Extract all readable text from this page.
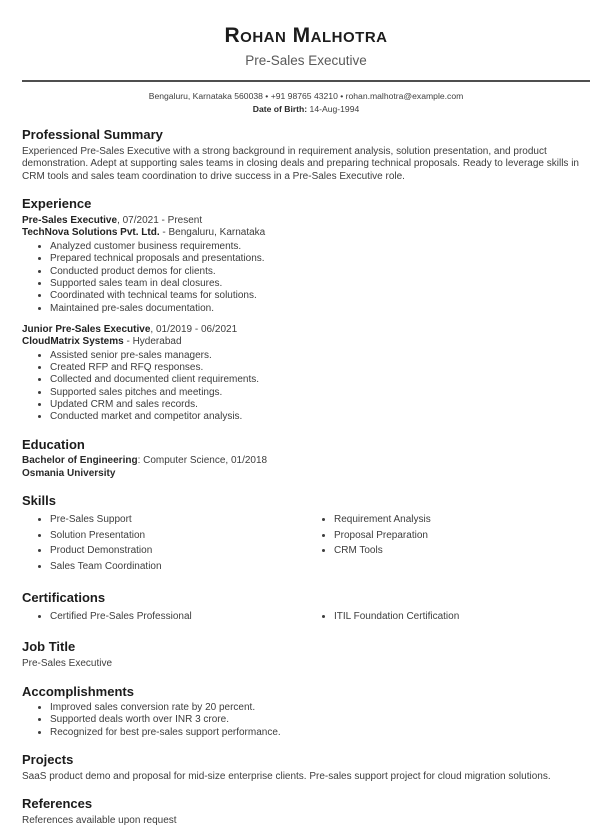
Rohan Malhotra
Pre-Sales Executive
Bengaluru, Karnataka 560038 • +91 98765 43210 • rohan.malhotra@example.com
Date of Birth: 14-Aug-1994
Professional Summary

Experienced Pre-Sales Executive with a strong background in requirement analysis, solution presentation, and product demonstration. Adept at supporting sales teams in closing deals and preparing technical proposals. Ready to leverage skills in CRM tools and sales team coordination to drive success in a Pre-Sales Executive role.

Experience

Pre-Sales Executive, 07/2021 - Present

TechNova Solutions Pvt. Ltd. - Bengaluru, Karnataka

• Analyzed customer business requirements.
• Prepared technical proposals and presentations.
• Conducted product demos for clients.
• Supported sales team in deal closures.
• Coordinated with technical teams for solutions.
• Maintained pre-sales documentation.

Junior Pre-Sales Executive, 01/2019 - 06/2021

CloudMatrix Systems - Hyderabad

• Assisted senior pre-sales managers.
• Created RFP and RFQ responses.
• Collected and documented client requirements.
• Supported sales pitches and meetings.
• Updated CRM and sales records.
• Conducted market and competitor analysis.
Education

Bachelor of Engineering: Computer Science, 01/2018

Osmania University

Skills
• Pre-Sales Support
• Solution Presentation
• Product Demonstration
• Sales Team Coordination
• Requirement Analysis
• Proposal Preparation
• CRM Tools
Certifications
• Certified Pre-Sales Professional	• ITIL Foundation Certification
Job Title

Pre-Sales Executive

Accomplishments
• Improved sales conversion rate by 20 percent.
• Supported deals worth over INR 3 crore.
• Recognized for best pre-sales support performance.
Projects

SaaS product demo and proposal for mid-size enterprise clients. Pre-sales support project for cloud migration solutions.

References

References available upon request
